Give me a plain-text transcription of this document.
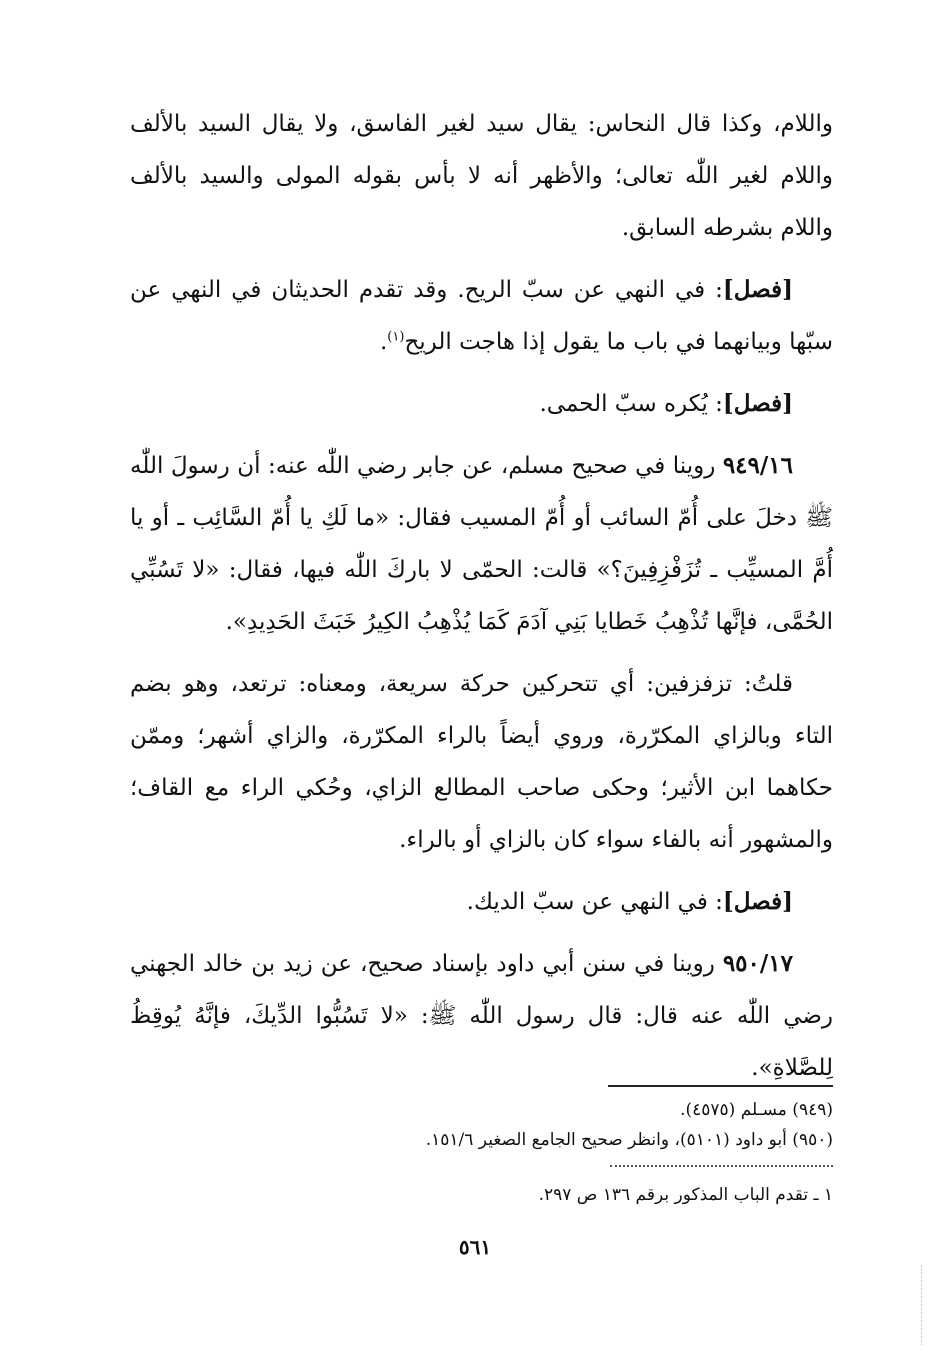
واللام، وكذا قال النحاس: يقال سيد لغير الفاسق، ولا يقال السيد بالألف واللام لغير اللّٰه تعالى؛ والأظهر أنه لا بأس بقوله المولى والسيد بالألف واللام بشرطه السابق.

[فصل]: في النهي عن سبّ الريح. وقد تقدم الحديثان في النهي عن سبّها وبيانهما في باب ما يقول إذا هاجت الريح$^{(١)}$.

[فصل]: يُكره سبّ الحمى.

٩٤٩/١٦ روينا في صحيح مسلم، عن جابر رضي اللّٰه عنه: أن رسولَ اللّٰه ﷺ دخلَ على أُمّ السائب أو أُمّ المسيب فقال: «ما لَكِ يا أُمّ السَّائِب ـ أو يا أُمَّ المسيِّب ـ تُزَفْزِفِينَ؟» قالت: الحمّى لا باركَ اللّٰه فيها، فقال: «لا تَسُبِّي الحُمَّى، فإنَّها تُذْهِبُ خَطايا بَنِي آدَمَ كَمَا يُذْهِبُ الكِيرُ خَبَثَ الحَدِيدِ».

قلتُ: تزفزفين: أي تتحركين حركة سريعة، ومعناه: ترتعد، وهو بضم التاء وبالزاي المكرّرة، وروي أيضاً بالراء المكرّرة، والزاي أشهر؛ وممّن حكاهما ابن الأثير؛ وحكى صاحب المطالع الزاي، وحُكي الراء مع القاف؛ والمشهور أنه بالفاء سواء كان بالزاي أو بالراء.

[فصل]: في النهي عن سبّ الديك.

٩٥٠/١٧ روينا في سنن أبي داود بإسناد صحيح، عن زيد بن خالد الجهني رضي اللّٰه عنه قال: قال رسول اللّٰه ﷺ: «لا تَسُبُّوا الدِّيكَ، فإنَّهُ يُوقِظُ لِلصَّلاةِ».

(٩٤٩) مسـلم (٤٥٧٥).
(٩٥٠) أبو داود (٥١٠١)، وانظر صحيح الجامع الصغير ١٥١/٦.
١ ـ تقدم الباب المذكور برقم ١٣٦ ص ٢٩٧.
٥٦١
